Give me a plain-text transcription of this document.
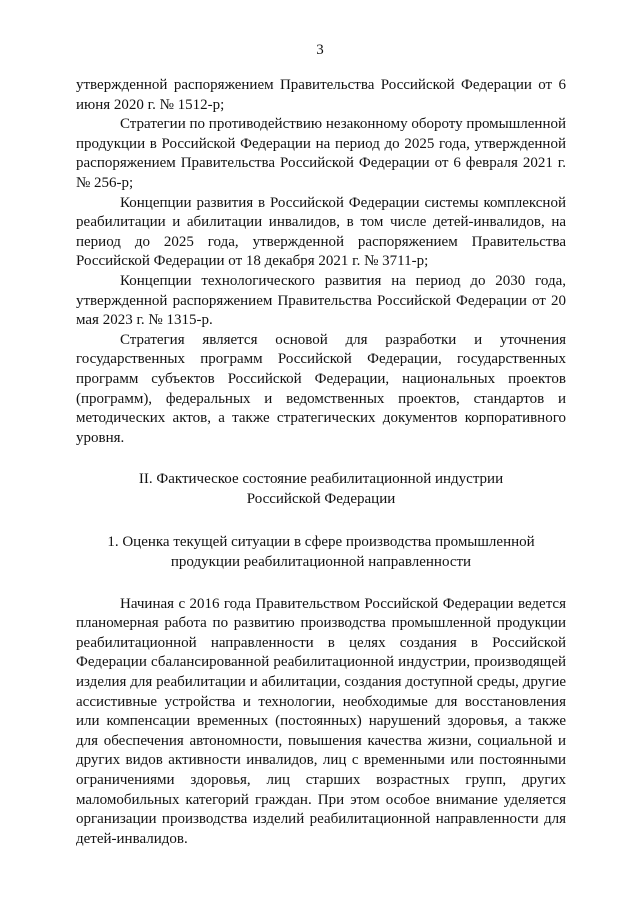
3

утвержденной распоряжением Правительства Российской Федерации от 6 июня 2020 г. № 1512-р;

Стратегии по противодействию незаконному обороту промышленной продукции в Российской Федерации на период до 2025 года, утвержденной распоряжением Правительства Российской Федерации от 6 февраля 2021 г. № 256-р;

Концепции развития в Российской Федерации системы комплексной реабилитации и абилитации инвалидов, в том числе детей-инвалидов, на период до 2025 года, утвержденной распоряжением Правительства Российской Федерации от 18 декабря 2021 г. № 3711-р;

Концепции технологического развития на период до 2030 года, утвержденной распоряжением Правительства Российской Федерации от 20 мая 2023 г. № 1315-р.

Стратегия является основой для разработки и уточнения государственных программ Российской Федерации, государственных программ субъектов Российской Федерации, национальных проектов (программ), федеральных и ведомственных проектов, стандартов и методических актов, а также стратегических документов корпоративного уровня.

II. Фактическое состояние реабилитационной индустрии
Российской Федерации
1. Оценка текущей ситуации в сфере производства промышленной
продукции реабилитационной направленности

Начиная с 2016 года Правительством Российской Федерации ведется планомерная работа по развитию производства промышленной продукции реабилитационной направленности в целях создания в Российской Федерации сбалансированной реабилитационной индустрии, производящей изделия для реабилитации и абилитации, создания доступной среды, другие ассистивные устройства и технологии, необходимые для восстановления или компенсации временных (постоянных) нарушений здоровья, а также для обеспечения автономности, повышения качества жизни, социальной и других видов активности инвалидов, лиц с временными или постоянными ограничениями здоровья, лиц старших возрастных групп, других маломобильных категорий граждан. При этом особое внимание уделяется организации производства изделий реабилитационной направленности для детей-инвалидов.
